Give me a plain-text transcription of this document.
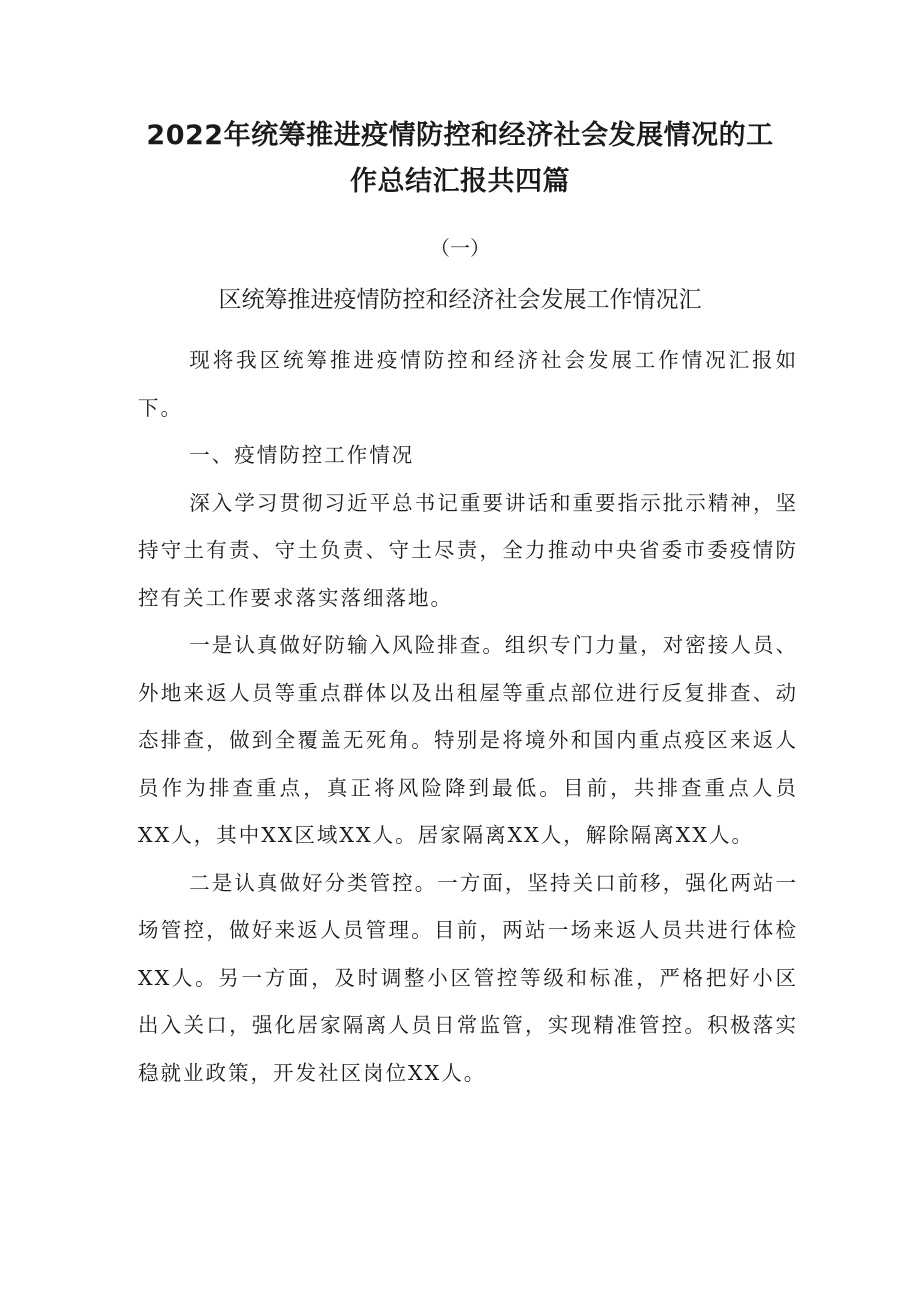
2022年统筹推进疫情防控和经济社会发展情况的工
作总结汇报共四篇
（一）
区统筹推进疫情防控和经济社会发展工作情况汇

现将我区统筹推进疫情防控和经济社会发展工作情况汇报如下。

一、疫情防控工作情况

深入学习贯彻习近平总书记重要讲话和重要指示批示精神，坚持守土有责、守土负责、守土尽责，全力推动中央省委市委疫情防控有关工作要求落实落细落地。

一是认真做好防输入风险排查。组织专门力量，对密接人员、外地来返人员等重点群体以及出租屋等重点部位进行反复排查、动态排查，做到全覆盖无死角。特别是将境外和国内重点疫区来返人员作为排查重点，真正将风险降到最低。目前，共排查重点人员XX人，其中XX区域XX人。居家隔离XX人，解除隔离XX人。

二是认真做好分类管控。一方面，坚持关口前移，强化两站一场管控，做好来返人员管理。目前，两站一场来返人员共进行体检XX人。另一方面，及时调整小区管控等级和标准，严格把好小区出入关口，强化居家隔离人员日常监管，实现精准管控。积极落实稳就业政策，开发社区岗位XX人。
